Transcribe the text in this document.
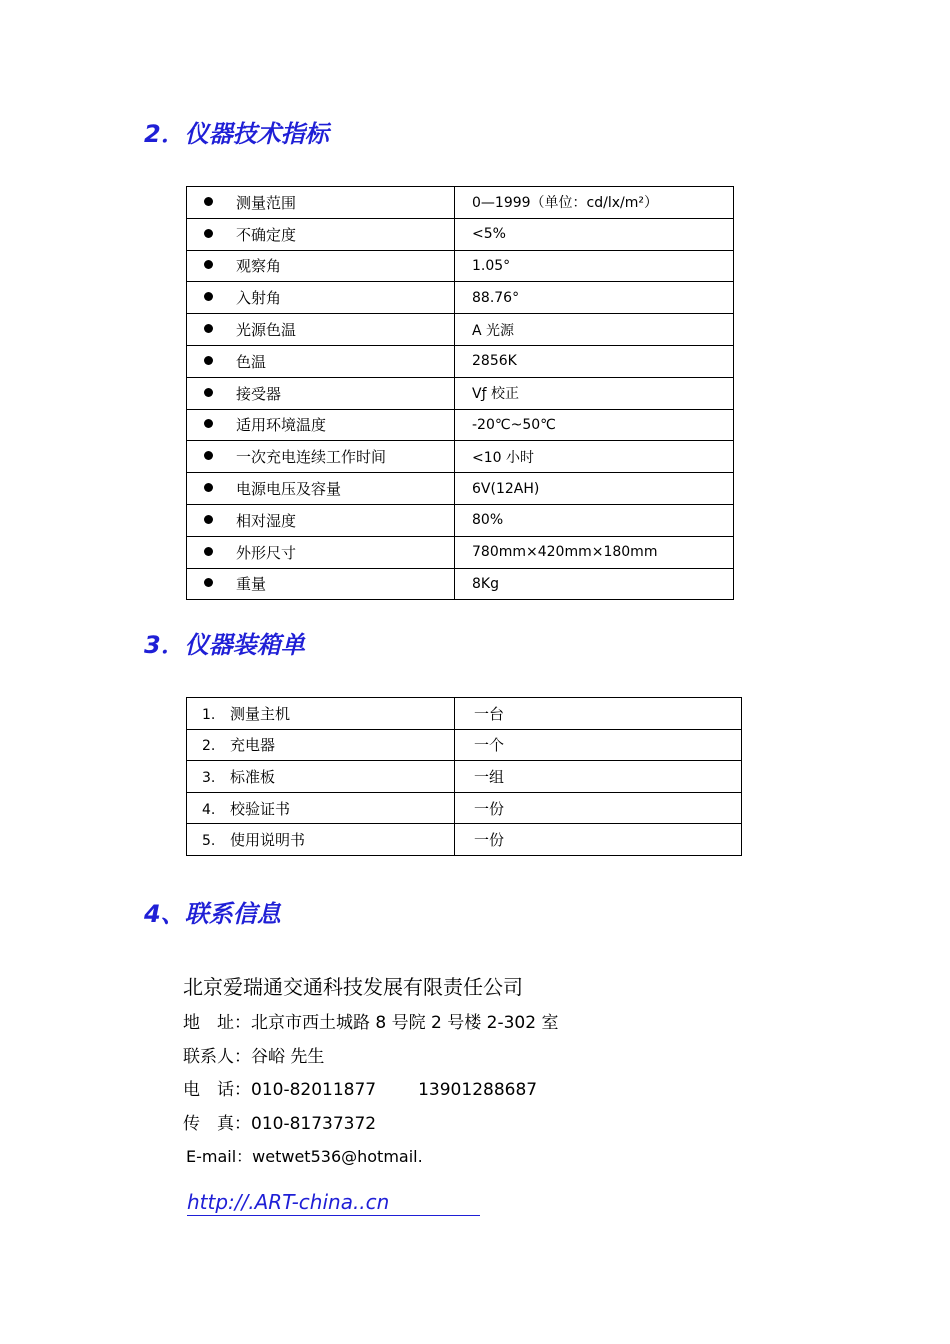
2．仪器技术指标
测量范围	0—1999（单位：cd/lx/m²）
不确定度	<5%
观察角	1.05°
入射角	88.76°
光源色温	A 光源
色温	2856K
接受器	Vƒ 校正
适用环境温度	-20℃~50℃
一次充电连续工作时间	<10 小时
电源电压及容量	6V(12AH)
相对湿度	80%
外形尺寸	780mm×420mm×180mm
重量	8Kg
3．仪器装箱单
1. 测量主机	一台
2. 充电器	一个
3. 标准板	一组
4. 校验证书	一份
5. 使用说明书	一份
4、联系信息

北京爱瑞通交通科技发展有限责任公司

地　址：北京市西土城路 8 号院 2 号楼 2-302 室

联系人：谷峪 先生

电　话：010-82011877 13901288687

传　真：010-81737372

E-mail：wetwet536@hotmail.

http://.ART-china..cn
